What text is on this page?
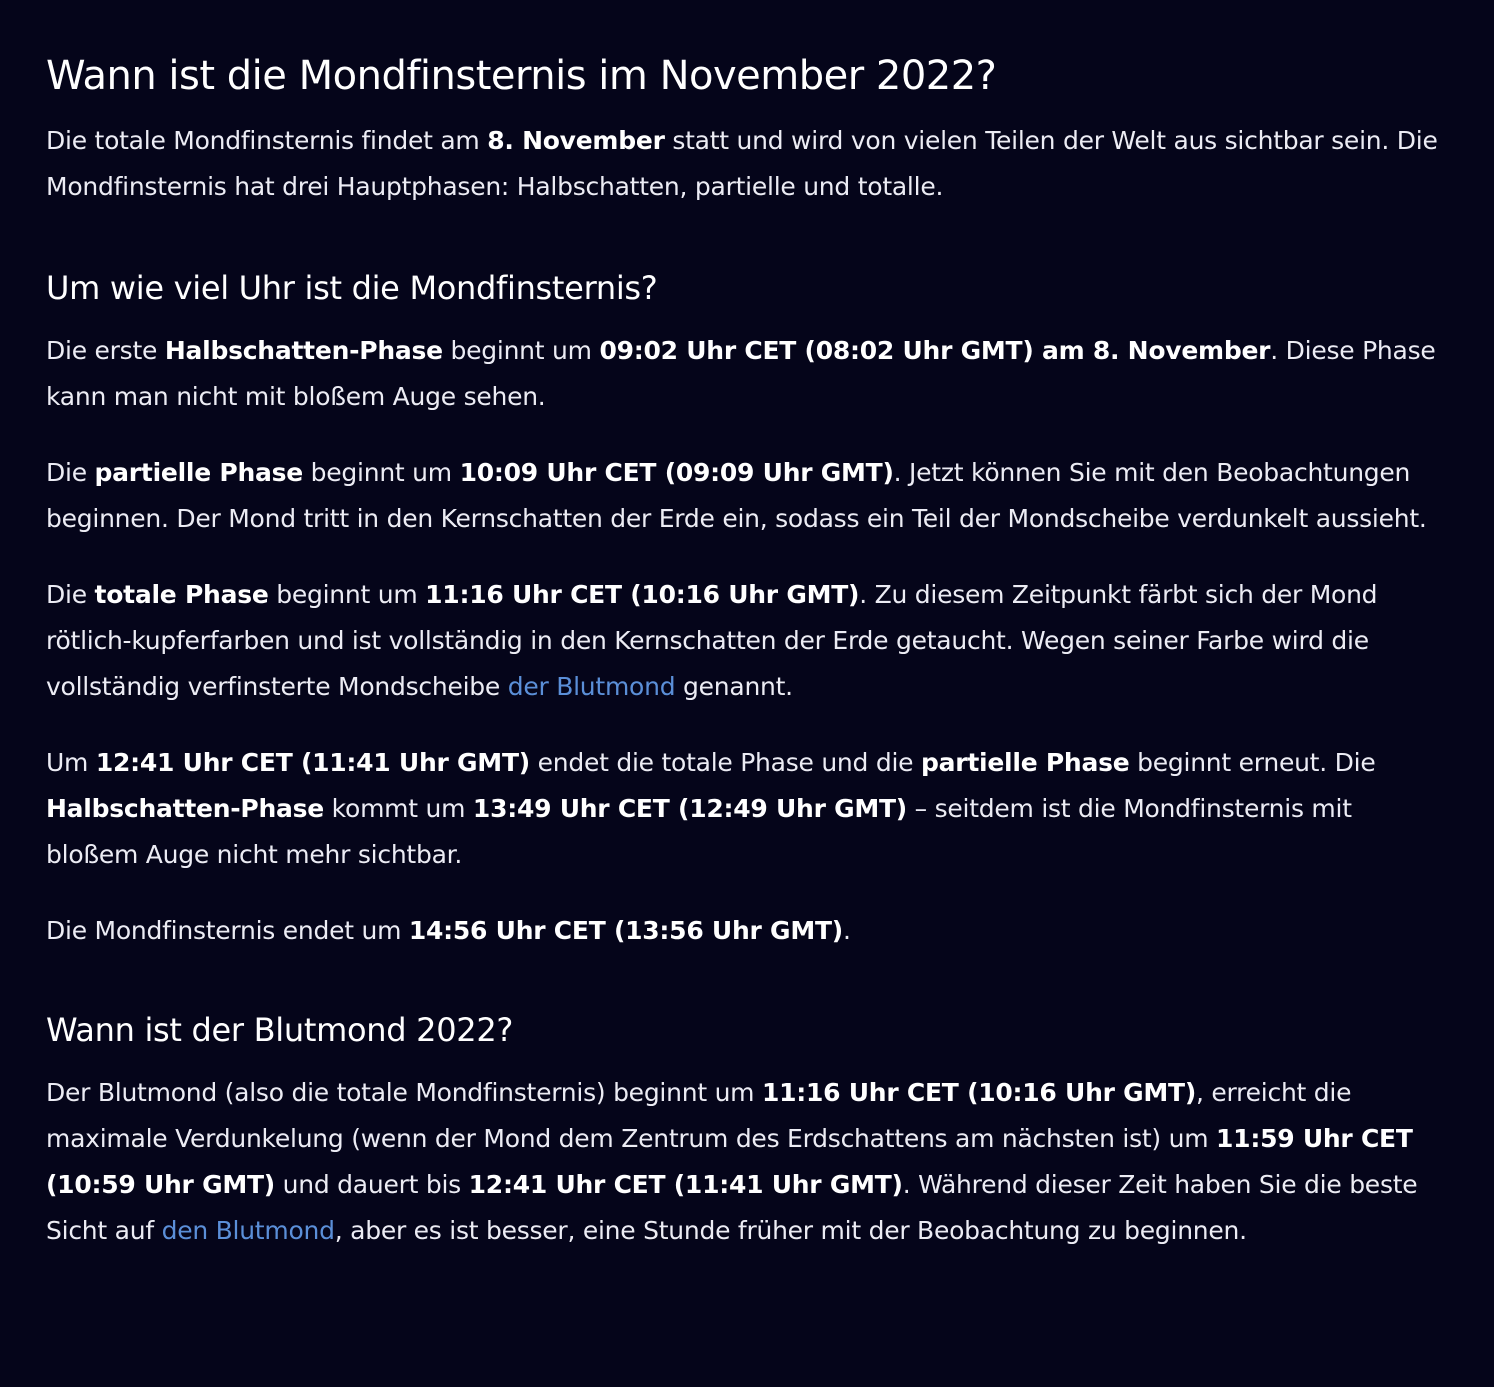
Wann ist die Mondfinsternis im November 2022?

Die totale Mondfinsternis findet am 8. November statt und wird von vielen Teilen der Welt aus sichtbar sein. Die Mondfinsternis hat drei Hauptphasen: Halbschatten, partielle und totalle.

Um wie viel Uhr ist die Mondfinsternis?

Die erste Halbschatten-Phase beginnt um 09:02 Uhr CET (08:02 Uhr GMT) am 8. November. Diese Phase kann man nicht mit bloßem Auge sehen.

Die partielle Phase beginnt um 10:09 Uhr CET (09:09 Uhr GMT). Jetzt können Sie mit den Beobachtungen beginnen. Der Mond tritt in den Kernschatten der Erde ein, sodass ein Teil der Mondscheibe verdunkelt aussieht.

Die totale Phase beginnt um 11:16 Uhr CET (10:16 Uhr GMT). Zu diesem Zeitpunkt färbt sich der Mond rötlich-kupferfarben und ist vollständig in den Kernschatten der Erde getaucht. Wegen seiner Farbe wird die vollständig verfinsterte Mondscheibe der Blutmond genannt.

Um 12:41 Uhr CET (11:41 Uhr GMT) endet die totale Phase und die partielle Phase beginnt erneut. Die Halbschatten-Phase kommt um 13:49 Uhr CET (12:49 Uhr GMT) – seitdem ist die Mondfinsternis mit bloßem Auge nicht mehr sichtbar.

Die Mondfinsternis endet um 14:56 Uhr CET (13:56 Uhr GMT).

Wann ist der Blutmond 2022?

Der Blutmond (also die totale Mondfinsternis) beginnt um 11:16 Uhr CET (10:16 Uhr GMT), erreicht die maximale Verdunkelung (wenn der Mond dem Zentrum des Erdschattens am nächsten ist) um 11:59 Uhr CET (10:59 Uhr GMT) und dauert bis 12:41 Uhr CET (11:41 Uhr GMT). Während dieser Zeit haben Sie die beste Sicht auf den Blutmond, aber es ist besser, eine Stunde früher mit der Beobachtung zu beginnen.
